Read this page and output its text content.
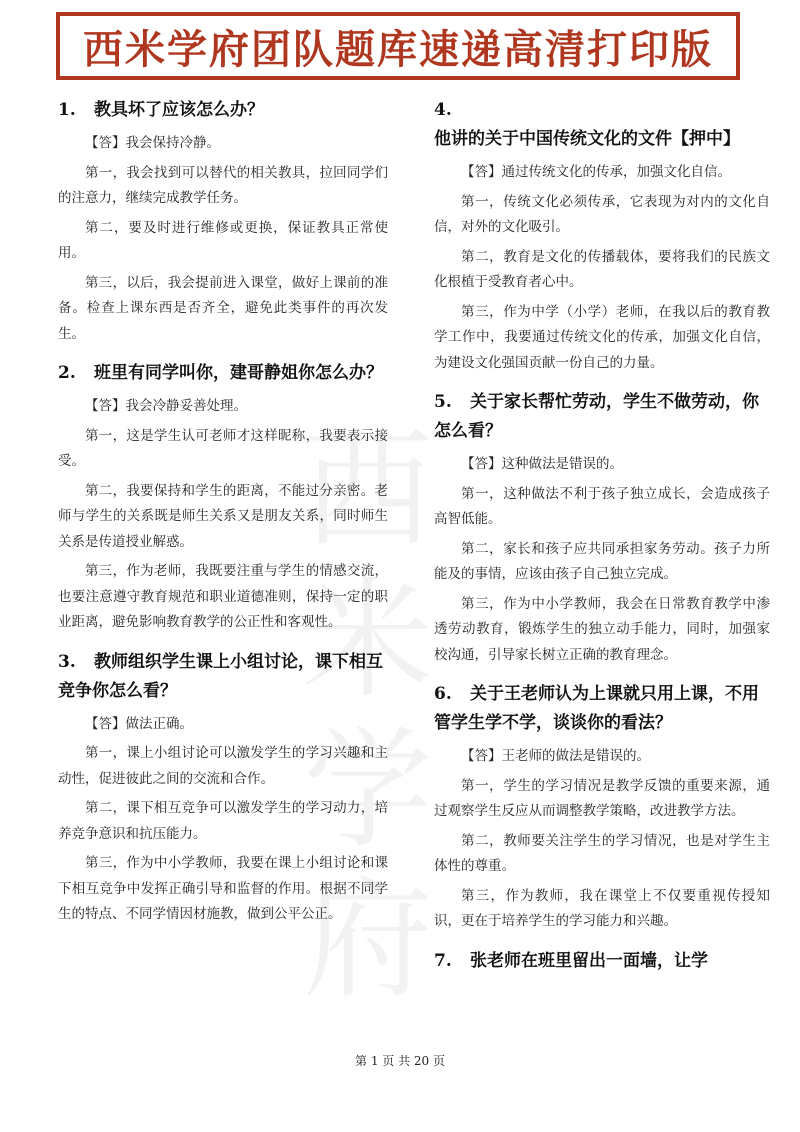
西米学府团队题库速递高清打印版
西米
学府
1. 教具坏了应该怎么办？

【答】我会保持冷静。

第一，我会找到可以替代的相关教具，拉回同学们的注意力，继续完成教学任务。

第二，要及时进行维修或更换，保证教具正常使用。

第三，以后，我会提前进入课堂，做好上课前的准备。检查上课东西是否齐全，避免此类事件的再次发生。

2. 班里有同学叫你，建哥静姐你怎么办？

【答】我会冷静妥善处理。

第一，这是学生认可老师才这样昵称，我要表示接受。

第二，我要保持和学生的距离，不能过分亲密。老师与学生的关系既是师生关系又是朋友关系，同时师生关系是传道授业解惑。

第三，作为老师，我既要注重与学生的情感交流，也要注意遵守教育规范和职业道德准则，保持一定的职业距离，避免影响教育教学的公正性和客观性。

3. 教师组织学生课上小组讨论，课下相互竞争你怎么看？

【答】做法正确。

第一，课上小组讨论可以激发学生的学习兴趣和主动性，促进彼此之间的交流和合作。

第二，课下相互竞争可以激发学生的学习动力，培养竞争意识和抗压能力。

第三，作为中小学教师，我要在课上小组讨论和课下相互竞争中发挥正确引导和监督的作用。根据不同学生的特点、不同学情因材施教，做到公平公正。

4.他讲的关于中国传统文化的文件【押中】

【答】通过传统文化的传承，加强文化自信。

第一，传统文化必须传承，它表现为对内的文化自信，对外的文化吸引。

第二，教育是文化的传播载体，要将我们的民族文化根植于受教育者心中。

第三，作为中学（小学）老师，在我以后的教育教学工作中，我要通过传统文化的传承，加强文化自信，为建设文化强国贡献一份自己的力量。

5. 关于家长帮忙劳动，学生不做劳动，你怎么看？

【答】这种做法是错误的。

第一，这种做法不利于孩子独立成长，会造成孩子高智低能。

第二，家长和孩子应共同承担家务劳动。孩子力所能及的事情，应该由孩子自己独立完成。

第三，作为中小学教师，我会在日常教育教学中渗透劳动教育，锻炼学生的独立动手能力，同时，加强家校沟通，引导家长树立正确的教育理念。

6. 关于王老师认为上课就只用上课，不用管学生学不学，谈谈你的看法？

【答】王老师的做法是错误的。

第一，学生的学习情况是教学反馈的重要来源，通过观察学生反应从而调整教学策略，改进教学方法。

第二，教师要关注学生的学习情况，也是对学生主体性的尊重。

第三，作为教师，我在课堂上不仅要重视传授知识，更在于培养学生的学习能力和兴趣。

7. 张老师在班里留出一面墙，让学
第 1 页 共 20 页
